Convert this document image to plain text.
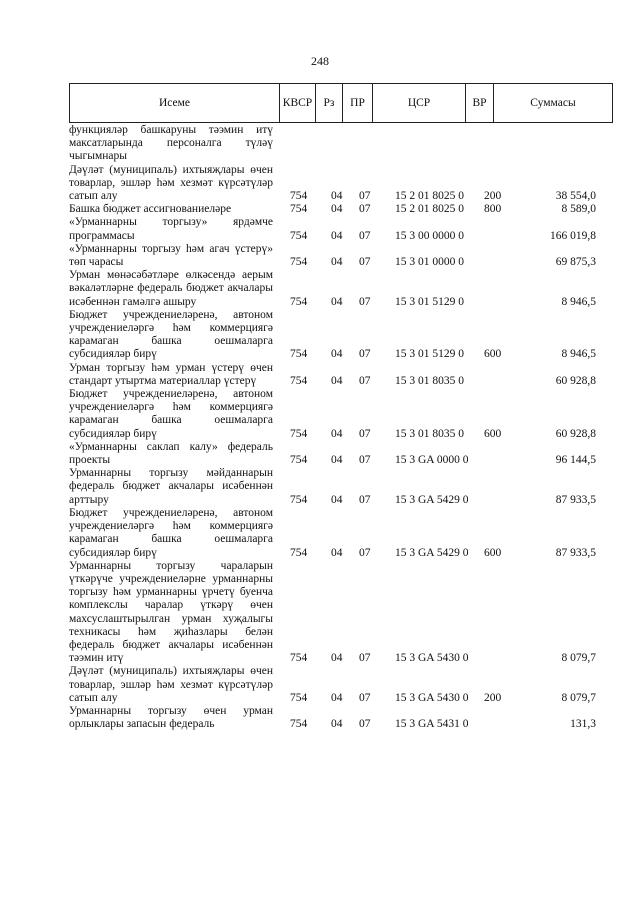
248
Исеме	КВСР Рз	ПР	ЦСР	ВР	Суммасы
функцияләр башкаруны тәэмин итү максатларында персоналга түләү чыгымнары
Дәүләт (муниципаль) ихтыяҗлары өчен товарлар, эшләр һәм хезмәт күрсәтүләр сатып алу	754 04 07 15 2 01 8025 0 200	38 554,0
Башка бюджет ассигнованиеләре	754 04 07 15 2 01 8025 0 800	8 589,0
«Урманнарны торгызу» ярдәмче программасы	754 04 07 15 3 00 0000 0	166 019,8
«Урманнарны торгызу һәм агач үстерү» төп чарасы	754 04 07 15 3 01 0000 0	69 875,3
Урман мөнәсәбәтләре өлкәсендә аерым вәкаләтләрне федераль бюджет акчалары исәбеннән гамәлгә ашыру	754 04 07 15 3 01 5129 0	8 946,5
Бюджет учреждениеләренә, автоном учреждениеләргә һәм коммерциягә карамаган башка оешмаларга субсидияләр бирү	754 04 07 15 3 01 5129 0 600	8 946,5
Урман торгызу һәм урман үстерү өчен стандарт утыртма материаллар үстерү	754 04 07 15 3 01 8035 0	60 928,8
Бюджет учреждениеләренә, автоном учреждениеләргә һәм коммерциягә карамаган башка оешмаларга субсидияләр бирү	754 04 07 15 3 01 8035 0 600	60 928,8
«Урманнарны саклап калу» федераль проекты	754 04 07 15 3 GA 0000 0	96 144,5
Урманнарны торгызу мәйданнарын федераль бюджет акчалары исәбеннән арттыру	754 04 07 15 3 GA 5429 0	87 933,5
Бюджет учреждениеләренә, автоном учреждениеләргә һәм коммерциягә карамаган башка оешмаларга субсидияләр бирү	754 04 07 15 3 GA 5429 0 600	87 933,5
Урманнарны торгызу чараларын үткәрүче учреждениеләрне урманнарны торгызу һәм урманнарны үрчетү буенча комплекслы чаралар үткәрү өчен махсуслаштырылган урман хуҗалыгы техникасы һәм җиһазлары белән федераль бюджет акчалары исәбеннән тәэмин итү	754 04 07 15 3 GA 5430 0	8 079,7
Дәүләт (муниципаль) ихтыяҗлары өчен товарлар, эшләр һәм хезмәт күрсәтүләр сатып алу	754 04 07 15 3 GA 5430 0 200	8 079,7
Урманнарны торгызу өчен урман орлыклары запасын федераль	754 04 07 15 3 GA 5431 0	131,3
